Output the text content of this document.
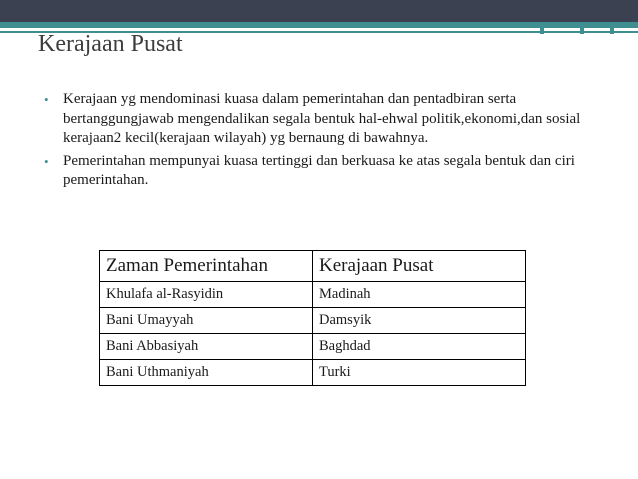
Kerajaan Pusat
• Kerajaan yg mendominasi kuasa dalam pemerintahan dan pentadbiran serta bertanggungjawab mengendalikan segala bentuk hal-ehwal politik,ekonomi,dan sosial kerajaan2 kecil(kerajaan wilayah) yg bernaung di bawahnya.
• Pemerintahan mempunyai kuasa tertinggi dan berkuasa ke atas segala bentuk dan ciri pemerintahan.
Zaman Pemerintahan	Kerajaan Pusat
Khulafa al-Rasyidin	Madinah
Bani Umayyah	Damsyik
Bani Abbasiyah	Baghdad
Bani Uthmaniyah	Turki
